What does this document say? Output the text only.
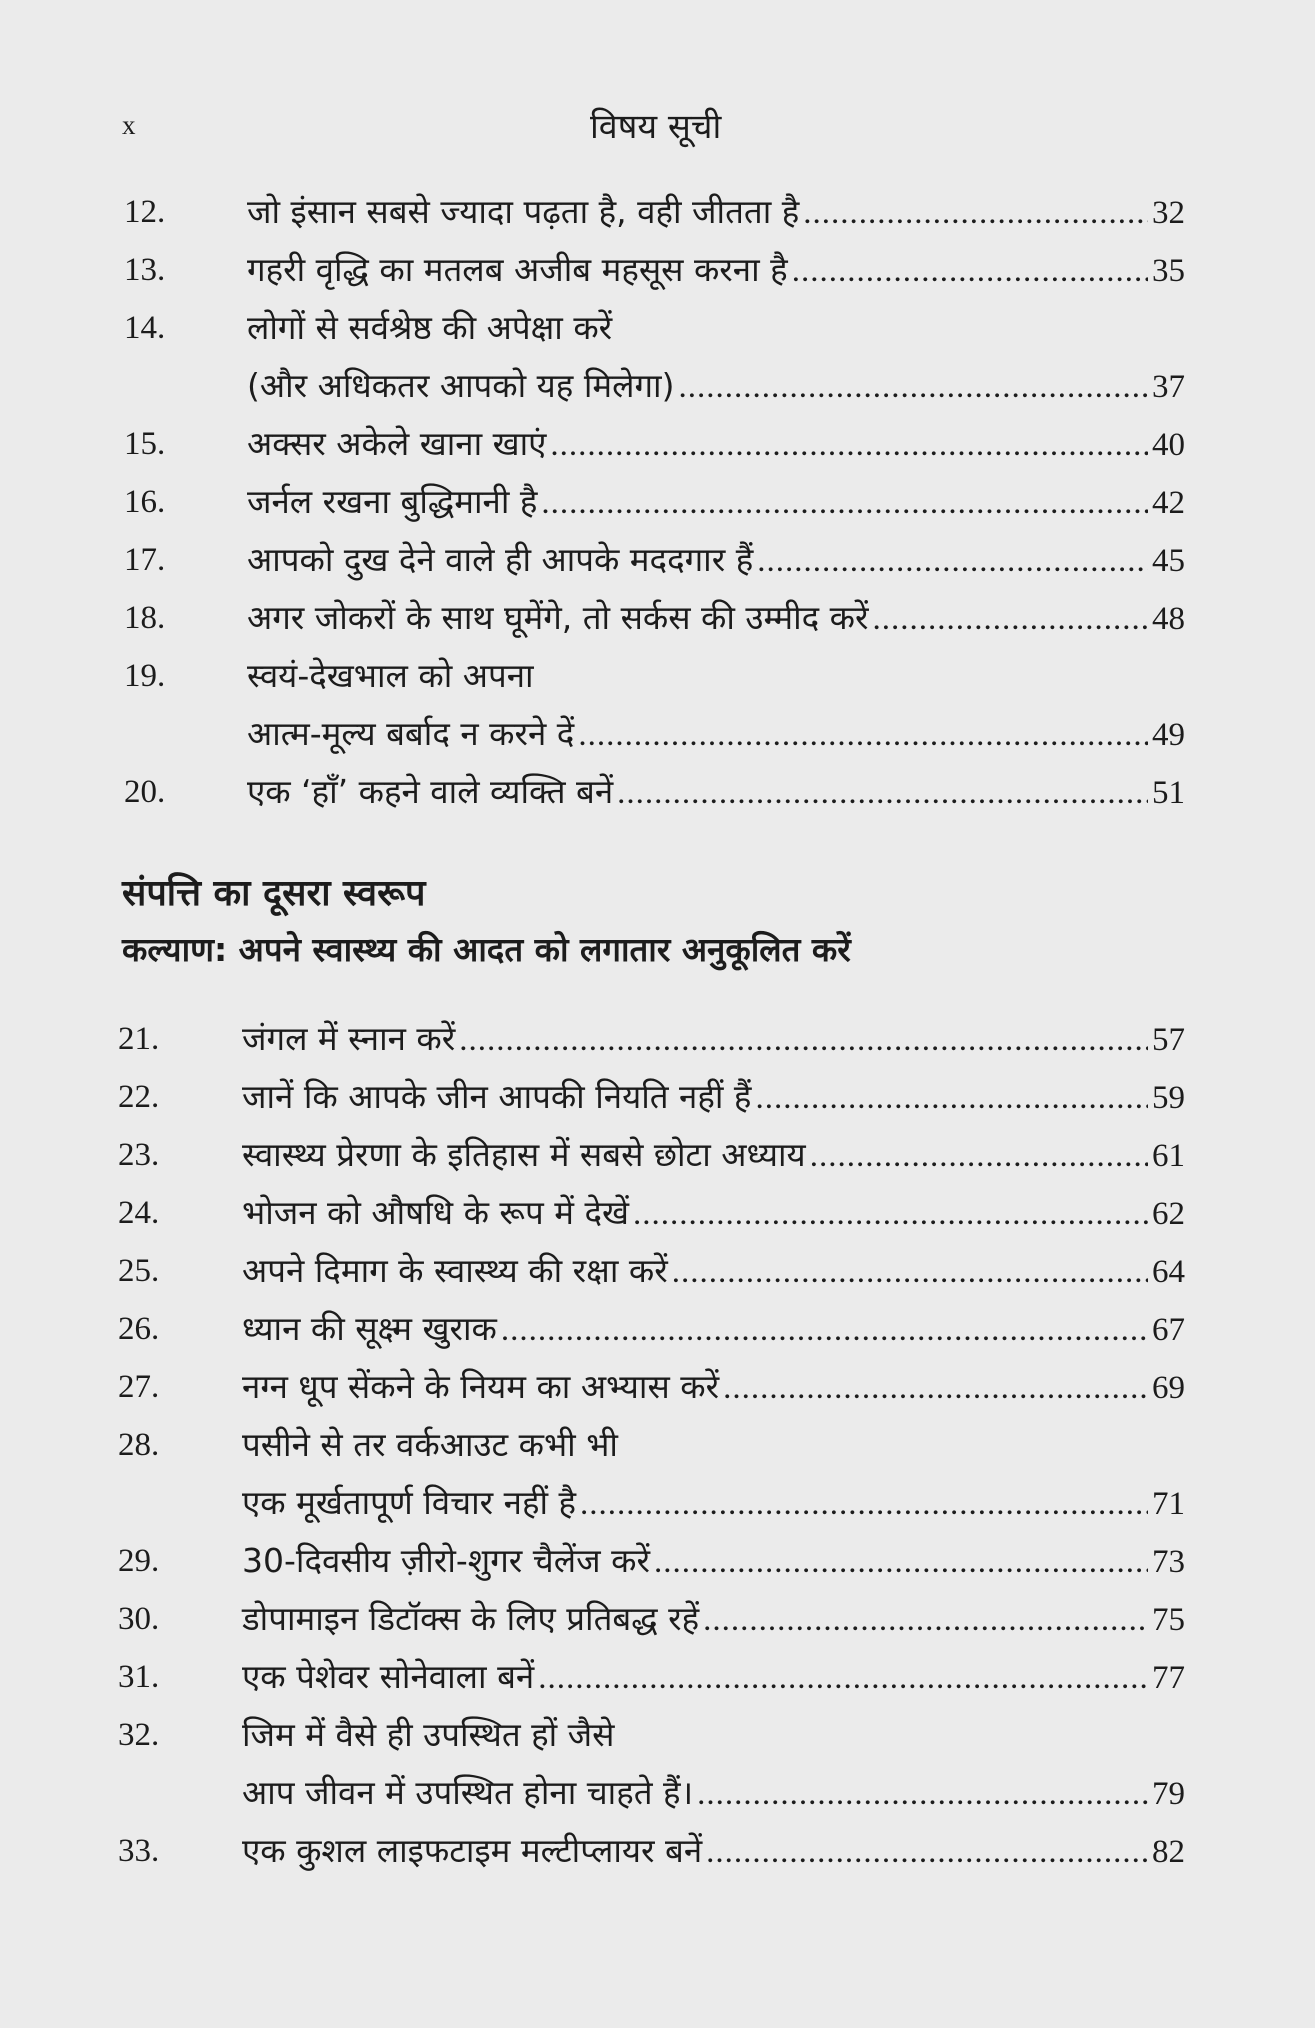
x	विषय सूची
12. जो इंसान सबसे ज्यादा पढ़ता है, वही जीतता है .....	32
13. गहरी वृद्धि का मतलब अजीब महसूस करना है .....	35
14. लोगों से सर्वश्रेष्ठ की अपेक्षा करें
(और अधिकतर आपको यह मिलेगा) .....	37
15. अक्सर अकेले खाना खाएं .....	40
16. जर्नल रखना बुद्धिमानी है .....	42
17. आपको दुख देने वाले ही आपके मददगार हैं .....	45
18. अगर जोकरों के साथ घूमेंगे, तो सर्कस की उम्मीद करें .....	48
19. स्वयं-देखभाल को अपना
आत्म-मूल्य बर्बाद न करने दें .....	49
20. एक ‘हाँ’ कहने वाले व्यक्ति बनें .....	51
संपत्ति का दूसरा स्वरूप
कल्याण: अपने स्वास्थ्य की आदत को लगातार अनुकूलित करें
21.	जंगल में स्नान करें .....	57
22.	जानें कि आपके जीन आपकी नियति नहीं हैं .....	59
23.	स्वास्थ्य प्रेरणा के इतिहास में सबसे छोटा अध्याय .....	61
24.	भोजन को औषधि के रूप में देखें .....	62
25.	अपने दिमाग के स्वास्थ्य की रक्षा करें .....	64
26.	ध्यान की सूक्ष्म खुराक .....	67
27.	नग्न धूप सेंकने के नियम का अभ्यास करें .....	69
28.	पसीने से तर वर्कआउट कभी भी
एक मूर्खतापूर्ण विचार नहीं है .....	71
29.	30-दिवसीय ज़ीरो-शुगर चैलेंज करें .....	73
30.	डोपामाइन डिटॉक्स के लिए प्रतिबद्ध रहें .....	75
31.	एक पेशेवर सोनेवाला बनें .....	77
32.	जिम में वैसे ही उपस्थित हों जैसे
आप जीवन में उपस्थित होना चाहते हैं। .....	79
33.	एक कुशल लाइफटाइम मल्टीप्लायर बनें .....	82
